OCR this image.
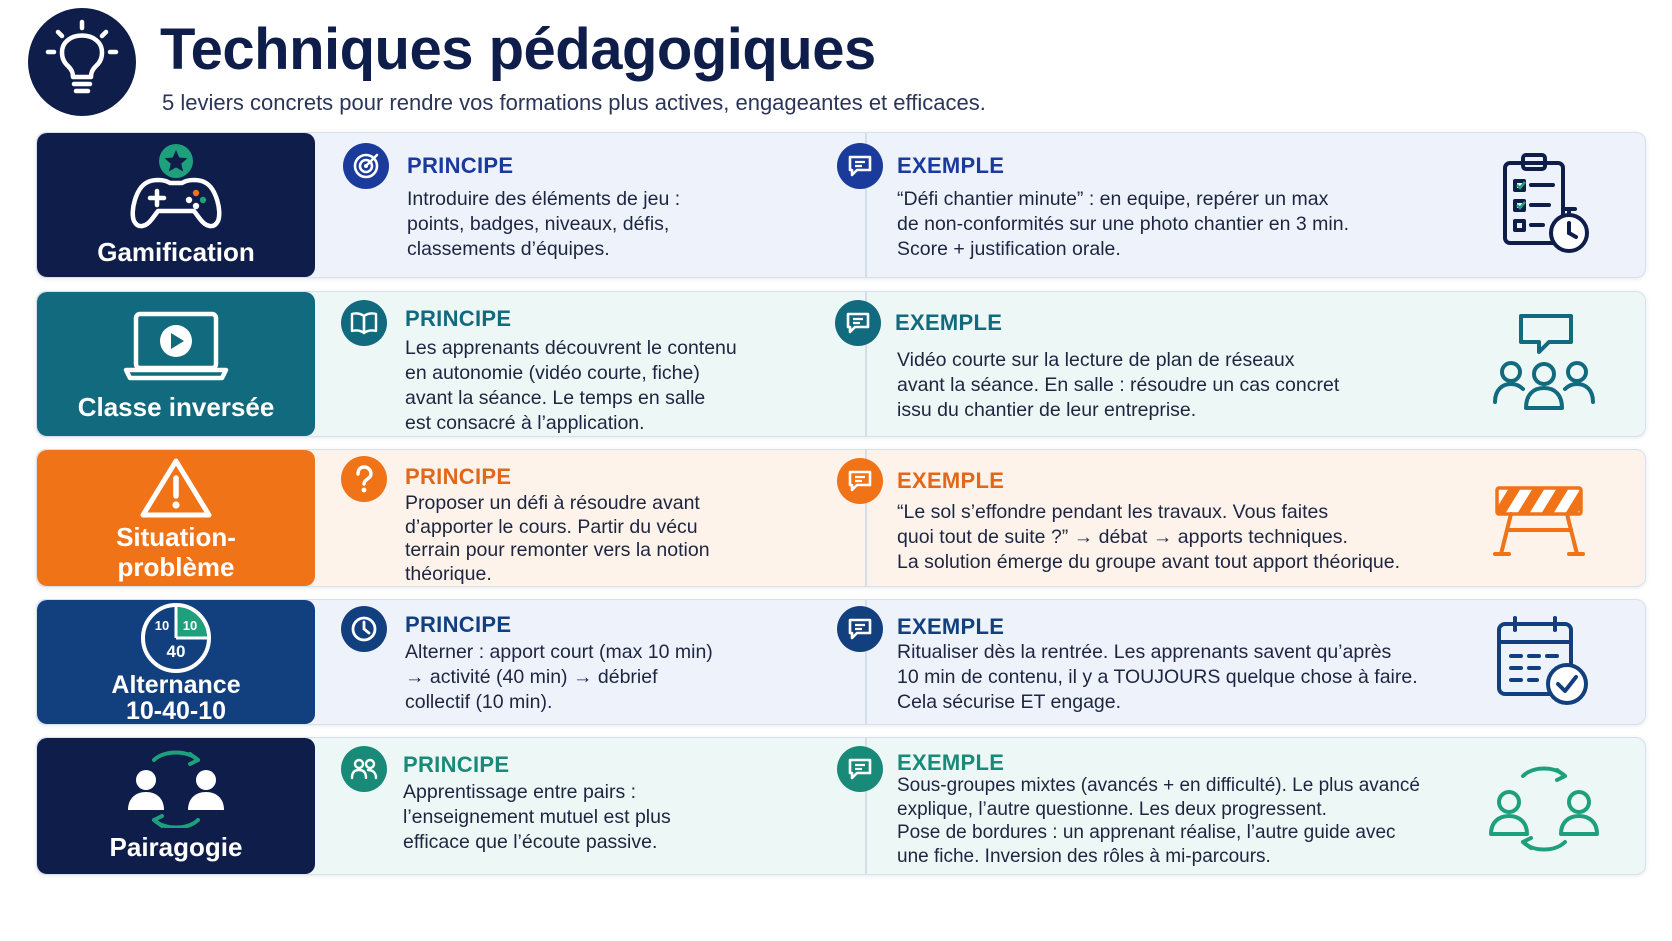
Techniques pédagogiques
5 leviers concrets pour rendre vos formations plus actives, engageantes et efficaces.
Gamification
PRINCIPE
Introduire des éléments de jeu :
points, badges, niveaux, défis,
classements d’équipes.
EXEMPLE
“Défi chantier minute” : en equipe, repérer un max
de non-conformités sur une photo chantier en 3 min.
Score + justification orale.
Classe inversée
PRINCIPE
Les apprenants découvrent le contenu
en autonomie (vidéo courte, fiche)
avant la séance. Le temps en salle
est consacré à l’application.
EXEMPLE
Vidéo courte sur la lecture de plan de réseaux
avant la séance. En salle : résoudre un cas concret
issu du chantier de leur entreprise.
Situation-
problème
PRINCIPE
Proposer un défi à résoudre avant
d’apporter le cours. Partir du vécu
terrain pour remonter vers la notion
théorique.
EXEMPLE
“Le sol s’effondre pendant les travaux. Vous faites
quoi tout de suite ?” → débat → apports techniques.
La solution émerge du groupe avant tout apport théorique.
10 10
40
Alternance
10-40-10
PRINCIPE
Alterner : apport court (max 10 min)
→ activité (40 min) → débrief
collectif (10 min).
EXEMPLE
Ritualiser dès la rentrée. Les apprenants savent qu’après
10 min de contenu, il y a TOUJOURS quelque chose à faire.
Cela sécurise ET engage.
Pairagogie
PRINCIPE
Apprentissage entre pairs :
l’enseignement mutuel est plus
efficace que l’écoute passive.
EXEMPLE
Sous-groupes mixtes (avancés + en difficulté). Le plus avancé
explique, l’autre questionne. Les deux progressent.
Pose de bordures : un apprenant réalise, l’autre guide avec
une fiche. Inversion des rôles à mi-parcours.
